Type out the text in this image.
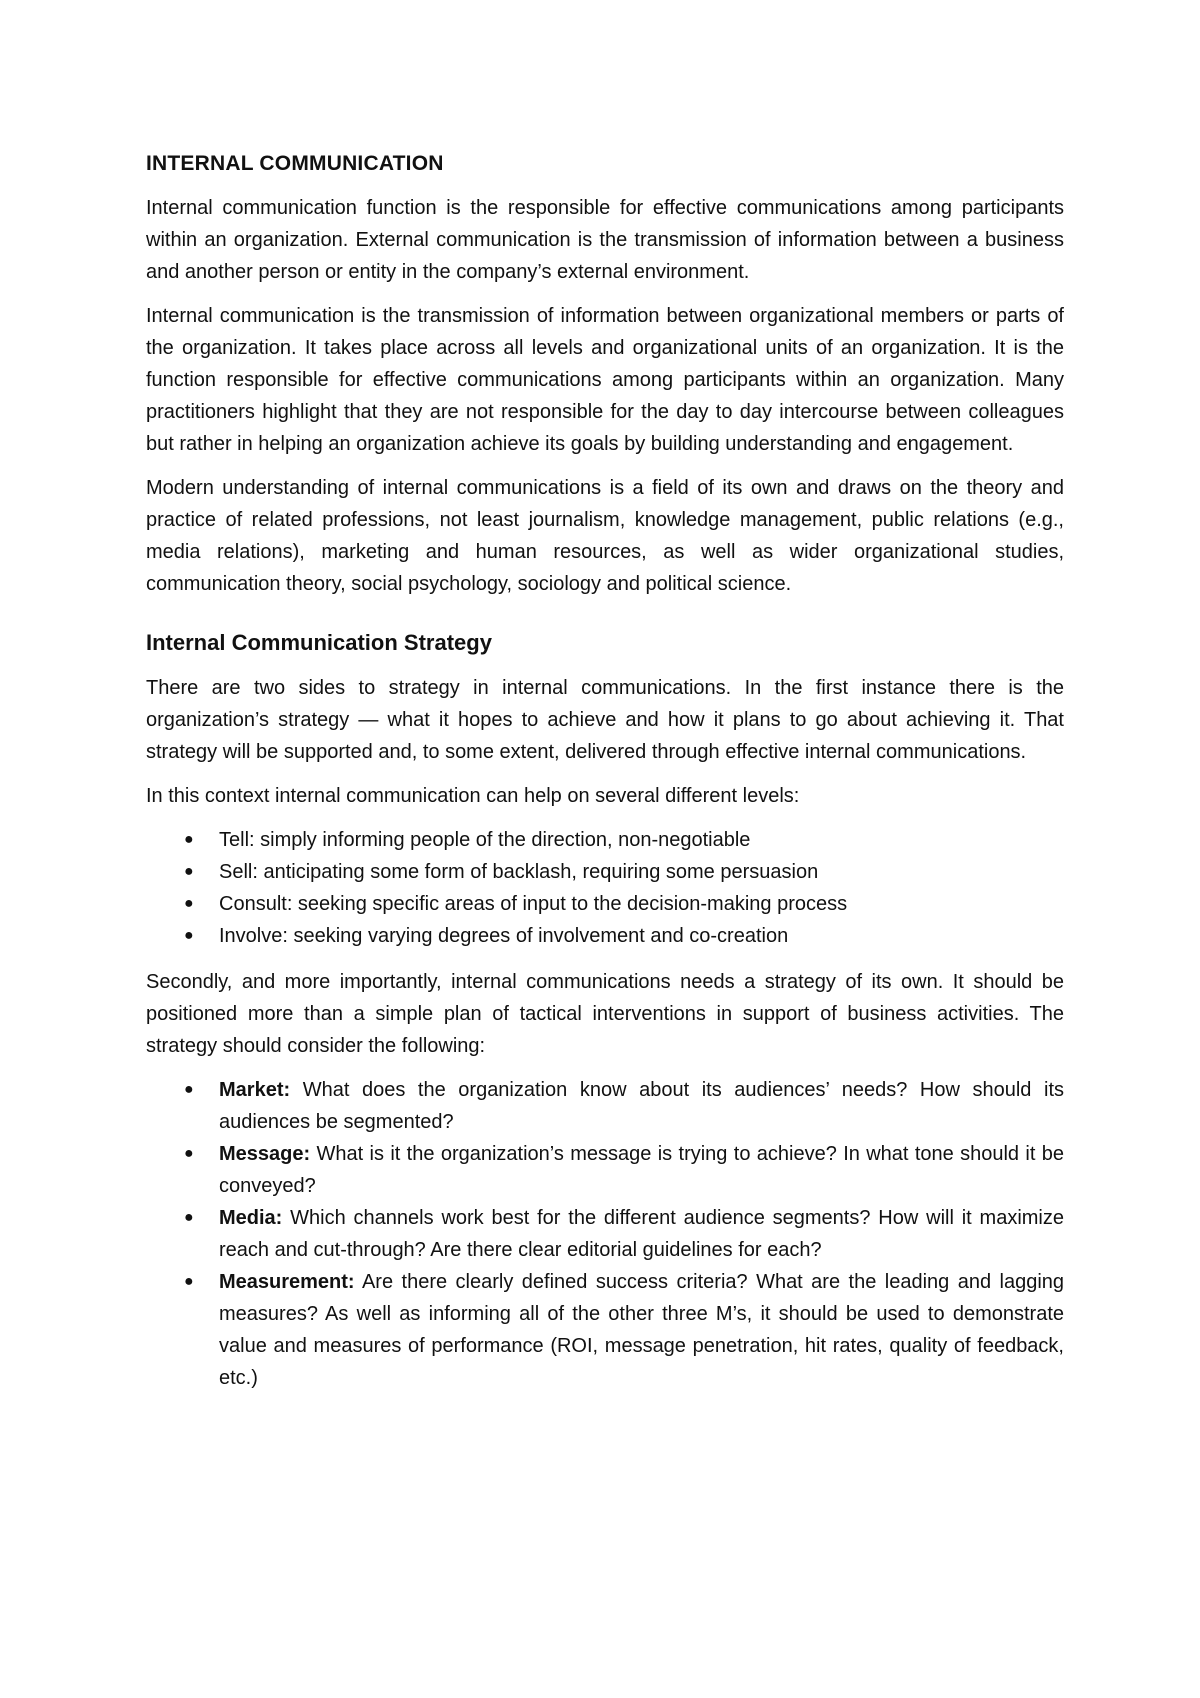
INTERNAL COMMUNICATION

Internal communication function is the responsible for effective communications among participants within an organization. External communication is the transmission of information between a business and another person or entity in the company’s external environment.

Internal communication is the transmission of information between organizational members or parts of the organization. It takes place across all levels and organizational units of an organization. It is the function responsible for effective communications among participants within an organization. Many practitioners highlight that they are not responsible for the day to day intercourse between colleagues but rather in helping an organization achieve its goals by building understanding and engagement.

Modern understanding of internal communications is a field of its own and draws on the theory and practice of related professions, not least journalism, knowledge management, public relations (e.g., media relations), marketing and human resources, as well as wider organizational studies, communication theory, social psychology, sociology and political science.

Internal Communication Strategy

There are two sides to strategy in internal communications. In the first instance there is the organization’s strategy — what it hopes to achieve and how it plans to go about achieving it. That strategy will be supported and, to some extent, delivered through effective internal communications.

In this context internal communication can help on several different levels:

● Tell: simply informing people of the direction, non-negotiable
● Sell: anticipating some form of backlash, requiring some persuasion
● Consult: seeking specific areas of input to the decision-making process
● Involve: seeking varying degrees of involvement and co-creation

Secondly, and more importantly, internal communications needs a strategy of its own. It should be positioned more than a simple plan of tactical interventions in support of business activities. The strategy should consider the following:

● Market: What does the organization know about its audiences’ needs? How should its audiences be segmented?
● Message: What is it the organization’s message is trying to achieve? In what tone should it be conveyed?
● Media: Which channels work best for the different audience segments? How will it maximize reach and cut-through? Are there clear editorial guidelines for each?
● Measurement: Are there clearly defined success criteria? What are the leading and lagging measures? As well as informing all of the other three M’s, it should be used to demonstrate value and measures of performance (ROI, message penetration, hit rates, quality of feedback, etc.)
